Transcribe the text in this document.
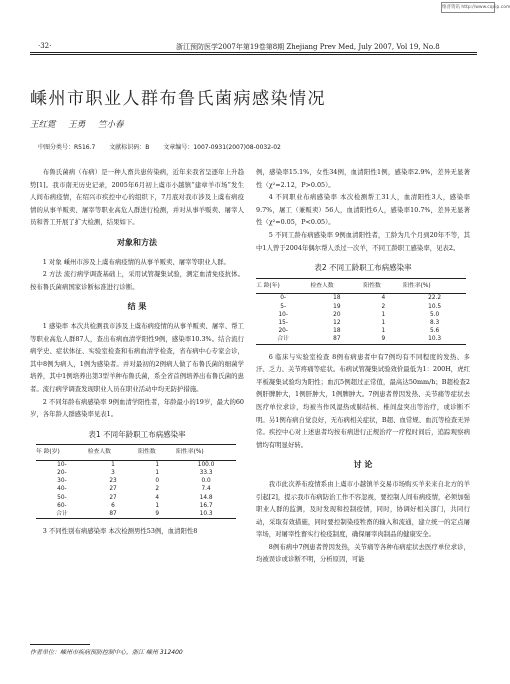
维普资讯 http://www.cqvip.com
·32·	浙江预防医学2007年第19卷第8期 Zhejiang Prev Med, July 2007, Vol 19, No.8
嵊州市职业人群布鲁氏菌病感染情况
王红霓 王勇 竺小春
中图分类号：R516.7 文献标识码：B 文章编号：1007-0931(2007)08-0032-02

布鲁氏菌病（布病）是一种人畜共患传染病，近年来我省呈逐年上升趋势[1]。我市南无历史记录，2005年6月初上虞市小越镇“建章羊市场”发生人间布病疫情，在绍兴市疾控中心的组织下，7月底对我市涉及上虞布病疫情的从事羊贩卖、屠宰等职业高危人群进行检测，并对从事羊贩卖、屠宰人员和普工开展了扩大检测，结果如下。

对象和方法

1 对象 嵊州市涉及上虞布病疫情的从事羊贩卖、屠宰等职业人群。

2 方法 流行病学调查基础上，采用试管凝集试验，测定血清免疫抗体。按布鲁氏菌病国家诊断标准进行诊断。

结 果

1 感染率 本次共检测我市涉及上虞布病疫情的从事羊贩卖、屠宰、帮工等职业高危人群87人，查出布病血清学阳性9例，感染率10.3%。结合流行病学史、症状体征、实验室检查和布病血清学检查，省布病中心专家会诊，其中8例为病人，1例为感染者。并对最初的2例病人做了布鲁氏菌的细菌学培养，其中1例培养出第3型羊种布鲁氏菌，系全省首例培养出布鲁氏菌的患者。流行病学调查发现职业人员在职业活动中均无防护措施。

2 不同年龄布病感染率 9例血清学阳性者，年龄最小的19岁，最大的60岁，各年龄人群感染率见表1。

表1 不同年龄职工布病感染率
年 龄(岁)	检查人数	阳性数	阳性率(%)
10-	1	1	100.0
20-	3	1	33.3
30-	23	0	0.0
40-	27	2	7.4
50-	27	4	14.8
60-	6	1	16.7
合计	87	9	10.3

3 不同性别布病感染率 本次检测男性53例，血清阳性8

作者单位：嵊州市疾病预防控制中心，浙江 嵊州 312400

例，感染率15.1%，女性34例，血清阳性1例，感染率2.9%，差异无显著性（χ²=2.12，P>0.05）。

4 不同职业布病感染率 本次检测帮工31人，血清阳性3人，感染率9.7%，屠工（兼贩卖）56人，血清阳性6人，感染率10.7%，差异无显著性（χ²=0.05，P<0.05）。

5 不同工龄布病感染率 9例血清阳性者，工龄为几个月到20年不等，其中1人曾于2004年偶尔帮人杀过一次羊，不同工龄职工感染率，见表2。

表2 不同工龄职工布病感染率
工 龄(年)	检查人数	阳性数	阳性率(%)
0-	18	4	22.2
5-	19	2	10.5
10-	20	1	5.0
15-	12	1	8.3
20-	18	1	5.6
合计	87	9	10.3

6 临床与实验室检查 8例布病患者中有7例均有不同程度的发热、多汗、乏力、关节疼痛等症状。布病试管凝集试验效价最低为1：200H，虎红平板凝集试验均为阳性；血沉5例超过正常值，最高达50mm/h；B超检查2例肝脾肿大，1例肝肿大，1例脾肿大。7例患者曾因发热、关节痛等症状去医疗单位求诊，均被当作风湿热或肺结核、椎间盘突出等治疗，或诊断不明。另1例布病自觉良好，无布病相关症状，B超、血常规、血沉等检查无异常。疾控中心对上述患者均按布病进行正规治疗一疗程时间后，追踪观察病情均有明显好转。

讨 论

我市此次养布疫情系由上虞市小越镇羊交易市场购买羊来来自北方的羊引起[2]，提示我市布病防治工作不容忽视，要控制人间布病疫情，必须加强职业人群的监测，及时发现和控制疫情，同时，协调好相关部门，共同行动，采取有效措施，同时要控制染疫牲畜的输入和流通，建立统一的定点屠宰场，对屠宰性畜实行检疫制度，确保屠宰肉制品的健康安全。

8例布病中7例患者曾因发热，关节痛等各种布病症状去医疗单位求诊，均被误诊或诊断不明，分析原因，可能
